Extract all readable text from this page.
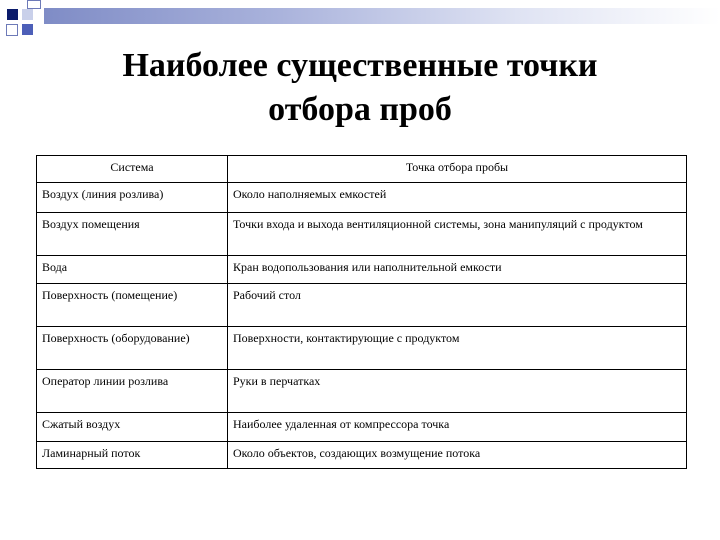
Наиболее существенные точки
отбора проб
Система	Точка отбора пробы
Воздух (линия розлива)	Около наполняемых емкостей
Воздух помещения	Точки входа и выхода вентиляционной системы, зона манипуляций с продуктом

Вода	Кран водопользования или наполнительной емкости
Поверхность (помещение)	Рабочий стол
Поверхность (оборудование)	Поверхности, контактирующие с продуктом
Оператор линии розлива	Руки в перчатках
Сжатый воздух	Наиболее удаленная от компрессора точка
Ламинарный поток	Около объектов, создающих возмущение потока
